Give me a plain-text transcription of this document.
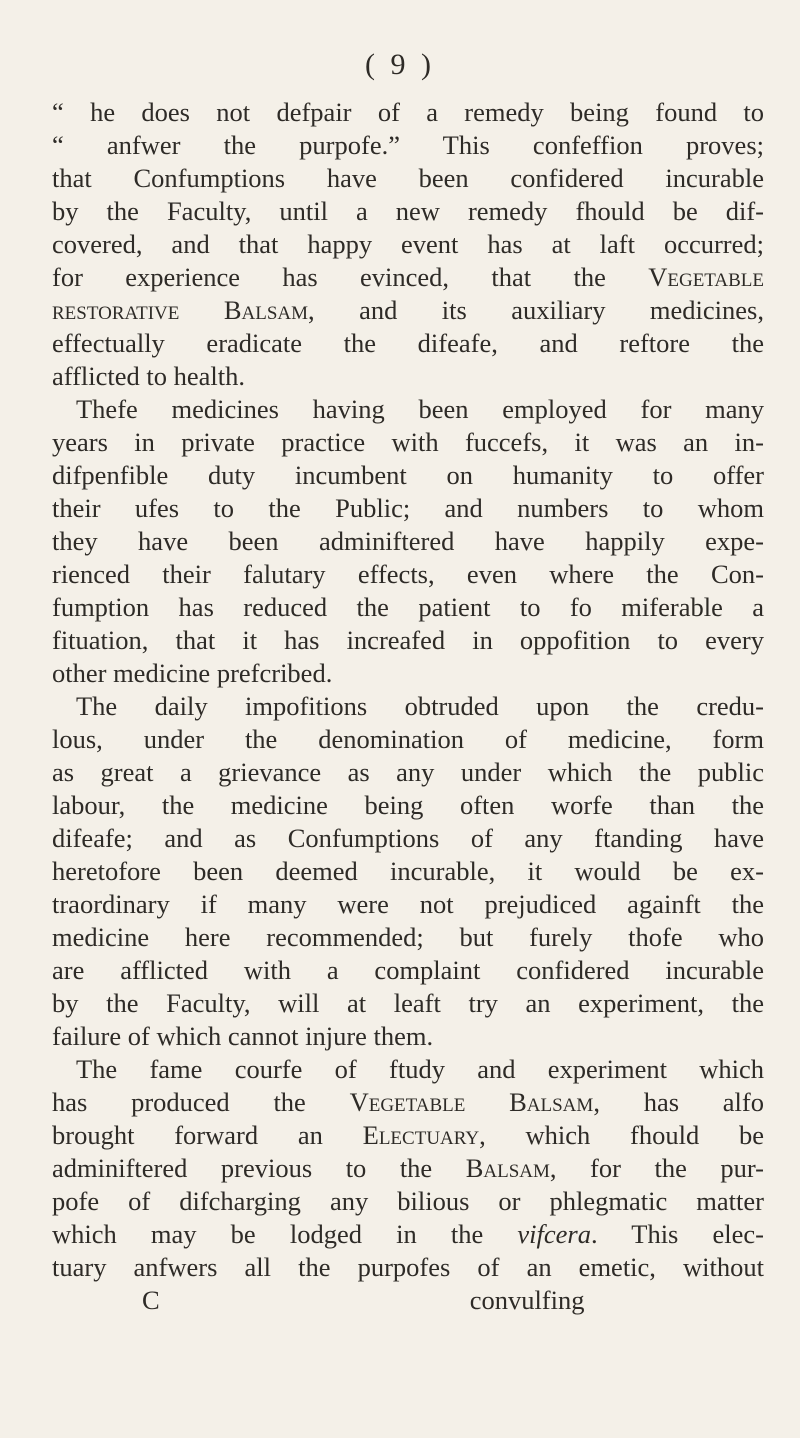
( 9 )
“ he does not defpair of a remedy being found to
“ anfwer the purpofe.” This confeffion proves;
that Confumptions have been confidered incurable
by the Faculty, until a new remedy fhould be dif-
covered, and that happy event has at laft occurred;
for experience has evinced, that the Vegetable
restorative Balsam, and its auxiliary medicines,
effectually eradicate the difeafe, and reftore the
afflicted to health.
Thefe medicines having been employed for many
years in private practice with fuccefs, it was an in-
difpenfible duty incumbent on humanity to offer
their ufes to the Public; and numbers to whom
they have been adminiftered have happily expe-
rienced their falutary effects, even where the Con-
fumption has reduced the patient to fo miferable a
fituation, that it has increafed in oppofition to every
other medicine prefcribed.
The daily impofitions obtruded upon the credu-
lous, under the denomination of medicine, form
as great a grievance as any under which the public
labour, the medicine being often worfe than the
difeafe; and as Confumptions of any ftanding have
heretofore been deemed incurable, it would be ex-
traordinary if many were not prejudiced againft the
medicine here recommended; but furely thofe who
are afflicted with a complaint confidered incurable
by the Faculty, will at leaft try an experiment, the
failure of which cannot injure them.
The fame courfe of ftudy and experiment which
has produced the Vegetable Balsam, has alfo
brought forward an Electuary, which fhould be
adminiftered previous to the Balsam, for the pur-
pofe of difcharging any bilious or phlegmatic matter
which may be lodged in the vifcera. This elec-
tuary anfwers all the purpofes of an emetic, without
C	convulfing
